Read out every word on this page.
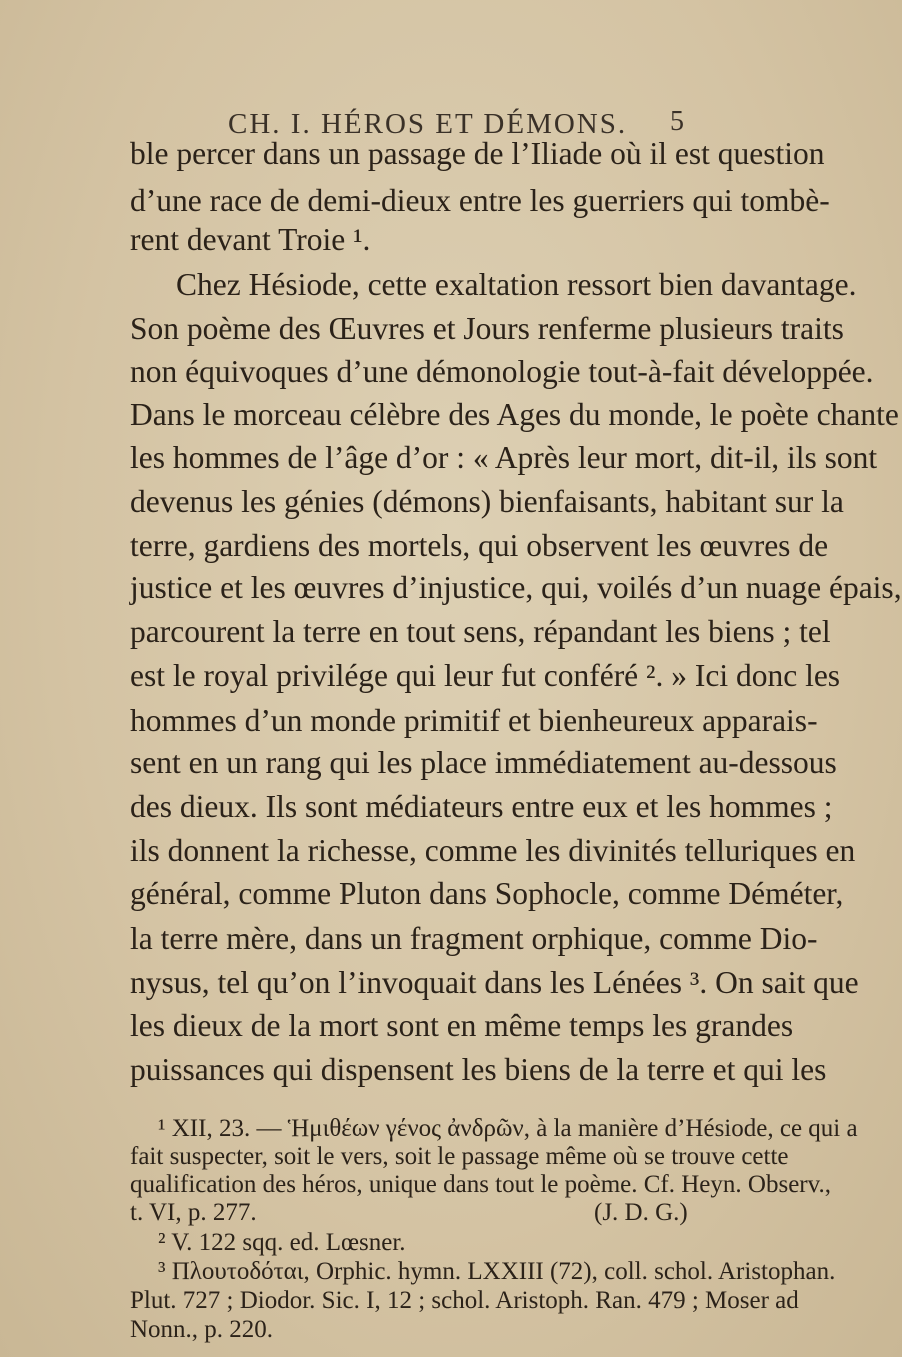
CH. I. HÉROS ET DÉMONS. 5
ble percer dans un passage de l’Iliade où il est question
d’une race de demi-dieux entre les guerriers qui tombè-
rent devant Troie ¹.
Chez Hésiode, cette exaltation ressort bien davantage.
Son poème des Œuvres et Jours renferme plusieurs traits
non équivoques d’une démonologie tout-à-fait développée.
Dans le morceau célèbre des Ages du monde, le poète chante
les hommes de l’âge d’or : « Après leur mort, dit-il, ils sont
devenus les génies (démons) bienfaisants, habitant sur la
terre, gardiens des mortels, qui observent les œuvres de
justice et les œuvres d’injustice, qui, voilés d’un nuage épais,
parcourent la terre en tout sens, répandant les biens ; tel
est le royal privilége qui leur fut conféré ². » Ici donc les
hommes d’un monde primitif et bienheureux apparais-
sent en un rang qui les place immédiatement au-dessous
des dieux. Ils sont médiateurs entre eux et les hommes ;
ils donnent la richesse, comme les divinités telluriques en
général, comme Pluton dans Sophocle, comme Déméter,
la terre mère, dans un fragment orphique, comme Dio-
nysus, tel qu’on l’invoquait dans les Lénées ³. On sait que
les dieux de la mort sont en même temps les grandes
puissances qui dispensent les biens de la terre et qui les
¹ XII, 23. — Ἡμιθέων γένος ἀνδρῶν, à la manière d’Hésiode, ce qui a
fait suspecter, soit le vers, soit le passage même où se trouve cette
qualification des héros, unique dans tout le poème. Cf. Heyn. Observ.,
t. VI, p. 277.	(J. D. G.)
² V. 122 sqq. ed. Lœsner.
³ Πλουτοδόται, Orphic. hymn. LXXIII (72), coll. schol. Aristophan.
Plut. 727 ; Diodor. Sic. I, 12 ; schol. Aristoph. Ran. 479 ; Moser ad
Nonn., p. 220.
